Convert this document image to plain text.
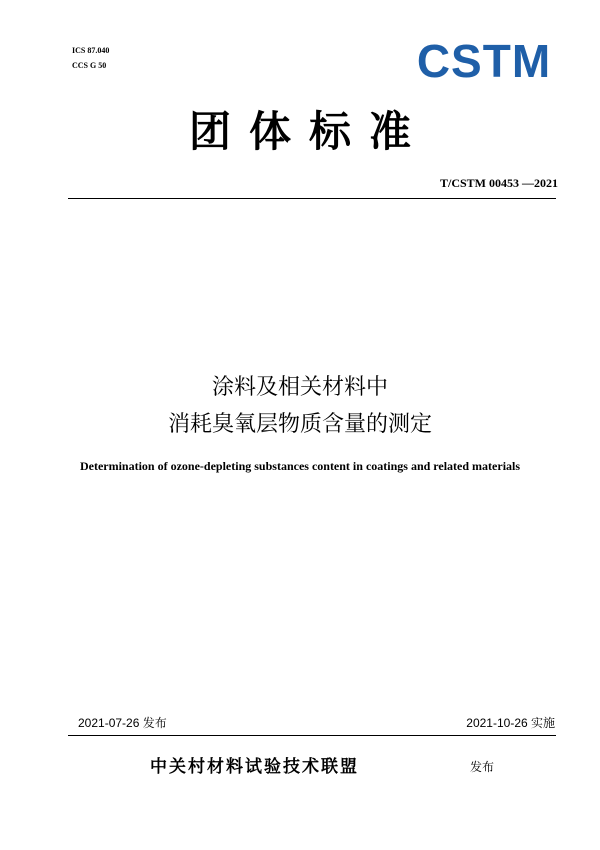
ICS 87.040
CCS G 50	CSTM
团体标准
T/CSTM 00453 —2021
涂料及相关材料中
消耗臭氧层物质含量的测定
Determination of ozone-depleting substances content in coatings and related materials
2021-07-26 发布	2021-10-26 实施
中关村材料试验技术联盟	发布
